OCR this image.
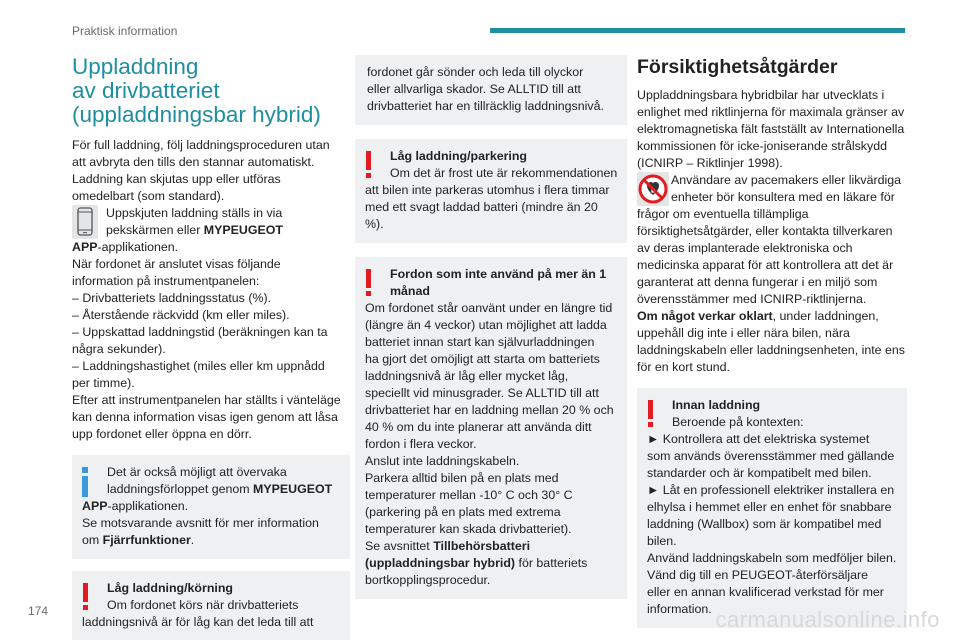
Praktisk information
Uppladdning
av drivbatteriet
(uppladdningsbar hybrid)

För full laddning, följ laddningsproceduren utan

att avbryta den tills den stannar automatiskt.

Laddning kan skjutas upp eller utföras

omedelbart (som standard).

Uppskjuten laddning ställs in via

pekskärmen eller MYPEUGEOT

APP-applikationen.

När fordonet är anslutet visas följande

information på instrumentpanelen:

– Drivbatteriets laddningsstatus (%).

– Återstående räckvidd (km eller miles).

– Uppskattad laddningstid (beräkningen kan ta

några sekunder).

– Laddningshastighet (miles eller km uppnådd

per timme).

Efter att instrumentpanelen har ställts i vänteläge

kan denna information visas igen genom att låsa

upp fordonet eller öppna en dörr.

Det är också möjligt att övervaka

laddningsförloppet genom MYPEUGEOT

APP-applikationen.

Se motsvarande avsnitt för mer information

om Fjärrfunktioner.

Låg laddning/körning

Om fordonet körs när drivbatteriets

laddningsnivå är för låg kan det leda till att

fordonet går sönder och leda till olyckor

eller allvarliga skador. Se ALLTID till att

drivbatteriet har en tillräcklig laddningsnivå.

Låg laddning/parkering

Om det är frost ute är rekommendationen

att bilen inte parkeras utomhus i flera timmar

med ett svagt laddad batteri (mindre än 20

%).

Fordon som inte använd på mer än 1

månad

Om fordonet står oanvänt under en längre tid

(längre än 4 veckor) utan möjlighet att ladda

batteriet innan start kan självurladdningen

ha gjort det omöjligt att starta om batteriets

laddningsnivå är låg eller mycket låg,

speciellt vid minusgrader. Se ALLTID till att

drivbatteriet har en laddning mellan 20 % och

40 % om du inte planerar att använda ditt

fordon i flera veckor.

Anslut inte laddningskabeln.

Parkera alltid bilen på en plats med

temperaturer mellan -10° C och 30° C

(parkering på en plats med extrema

temperaturer kan skada drivbatteriet).

Se avsnittet Tillbehörsbatteri

(uppladdningsbar hybrid) för batteriets

bortkopplingsprocedur.

Försiktighetsåtgärder

Uppladdningsbara hybridbilar har utvecklats i

enlighet med riktlinjerna för maximala gränser av

elektromagnetiska fält fastställt av Internationella

kommissionen för icke-joniserande strålskydd

(ICNIRP – Riktlinjer 1998).

Användare av pacemakers eller likvärdiga

enheter bör konsultera med en läkare för

frågor om eventuella tillämpliga

försiktighetsåtgärder, eller kontakta tillverkaren

av deras implanterade elektroniska och

medicinska apparat för att kontrollera att det är

garanterat att denna fungerar i en miljö som

överensstämmer med ICNIRP-riktlinjerna.

Om något verkar oklart, under laddningen,

uppehåll dig inte i eller nära bilen, nära

laddningskabeln eller laddningsenheten, inte ens

för en kort stund.

Innan laddning

Beroende på kontexten:

► Kontrollera att det elektriska systemet

som används överensstämmer med gällande

standarder och är kompatibelt med bilen.

► Låt en professionell elektriker installera en

elhylsa i hemmet eller en enhet för snabbare

laddning (Wallbox) som är kompatibel med

bilen.

Använd laddningskabeln som medföljer bilen.

Vänd dig till en PEUGEOT-återförsäljare

eller en annan kvalificerad verkstad för mer

information.

174	carmanualsonline.info
